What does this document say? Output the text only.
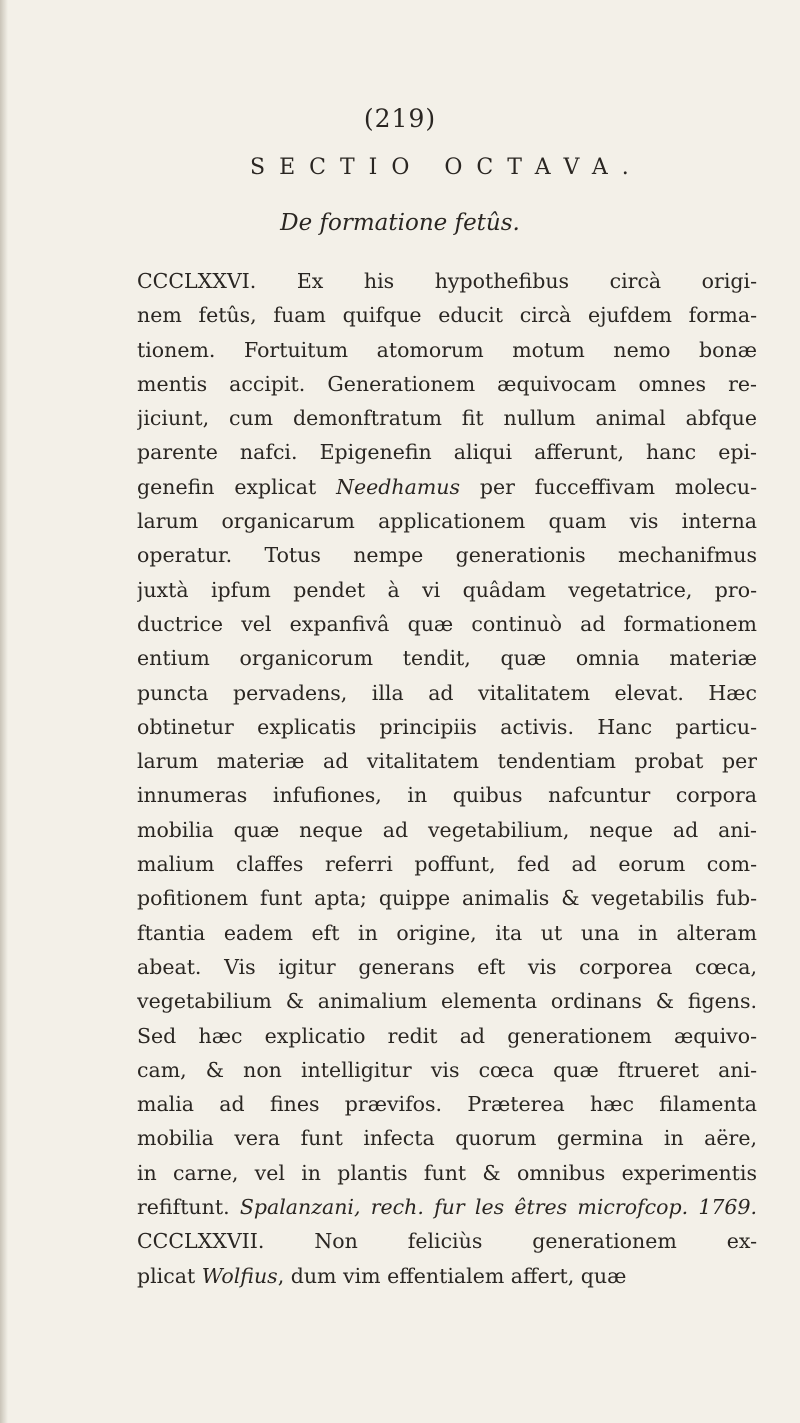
(219)
SECTIO OCTAVA.
De formatione fetûs.
CCCLXXVI. Ex his hypothefibus circà origi-
nem fetûs, fuam quifque educit circà ejufdem forma-
tionem. Fortuitum atomorum motum nemo bonæ
mentis accipit. Generationem æquivocam omnes re-
jiciunt, cum demonftratum fit nullum animal abfque
parente nafci. Epigenefin aliqui afferunt, hanc epi-
genefin explicat Needhamus per fucceffivam molecu-
larum organicarum applicationem quam vis interna
operatur. Totus nempe generationis mechanifmus
juxtà ipfum pendet à vi quâdam vegetatrice, pro-
ductrice vel expanfivâ quæ continuò ad formationem
entium organicorum tendit, quæ omnia materiæ
puncta pervadens, illa ad vitalitatem elevat. Hæc
obtinetur explicatis principiis activis. Hanc particu-
larum materiæ ad vitalitatem tendentiam probat per
innumeras infufiones, in quibus nafcuntur corpora
mobilia quæ neque ad vegetabilium, neque ad ani-
malium claffes referri poffunt, fed ad eorum com-
pofitionem funt apta; quippe animalis & vegetabilis fub-
ftantia eadem eft in origine, ita ut una in alteram
abeat. Vis igitur generans eft vis corporea cœca,
vegetabilium & animalium elementa ordinans & figens.
Sed hæc explicatio redit ad generationem æquivo-
cam, & non intelligitur vis cœca quæ ftrueret ani-
malia ad fines prævifos. Præterea hæc filamenta
mobilia vera funt infecta quorum germina in aëre,
in carne, vel in plantis funt & omnibus experimentis
refiftunt. Spalanzani, rech. fur les êtres microfcop. 1769.
CCCLXXVII. Non feliciùs generationem ex-
plicat Wolfius, dum vim effentialem affert, quæ
